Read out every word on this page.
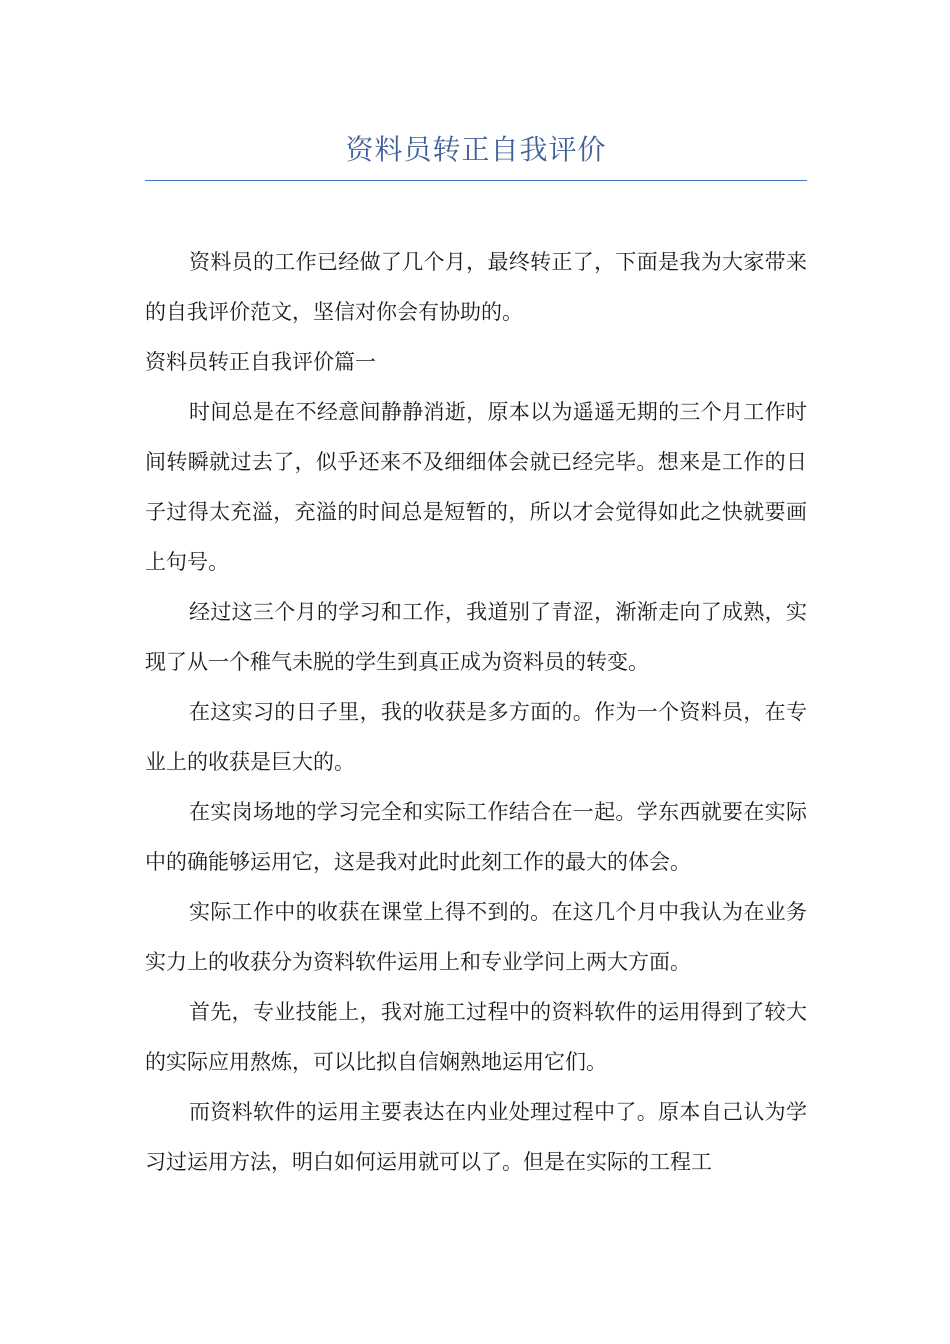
资料员转正自我评价

资料员的工作已经做了几个月，最终转正了，下面是我为大家带来的自我评价范文，坚信对你会有协助的。

资料员转正自我评价篇一

时间总是在不经意间静静消逝，原本以为遥遥无期的三个月工作时间转瞬就过去了，似乎还来不及细细体会就已经完毕。想来是工作的日子过得太充溢，充溢的时间总是短暂的，所以才会觉得如此之快就要画上句号。

经过这三个月的学习和工作，我道别了青涩，渐渐走向了成熟，实现了从一个稚气未脱的学生到真正成为资料员的转变。

在这实习的日子里，我的收获是多方面的。作为一个资料员，在专业上的收获是巨大的。

在实岗场地的学习完全和实际工作结合在一起。学东西就要在实际中的确能够运用它，这是我对此时此刻工作的最大的体会。

实际工作中的收获在课堂上得不到的。在这几个月中我认为在业务实力上的收获分为资料软件运用上和专业学问上两大方面。

首先，专业技能上，我对施工过程中的资料软件的运用得到了较大的实际应用熬炼，可以比拟自信娴熟地运用它们。

而资料软件的运用主要表达在内业处理过程中了。原本自己认为学习过运用方法，明白如何运用就可以了。但是在实际的工程工
